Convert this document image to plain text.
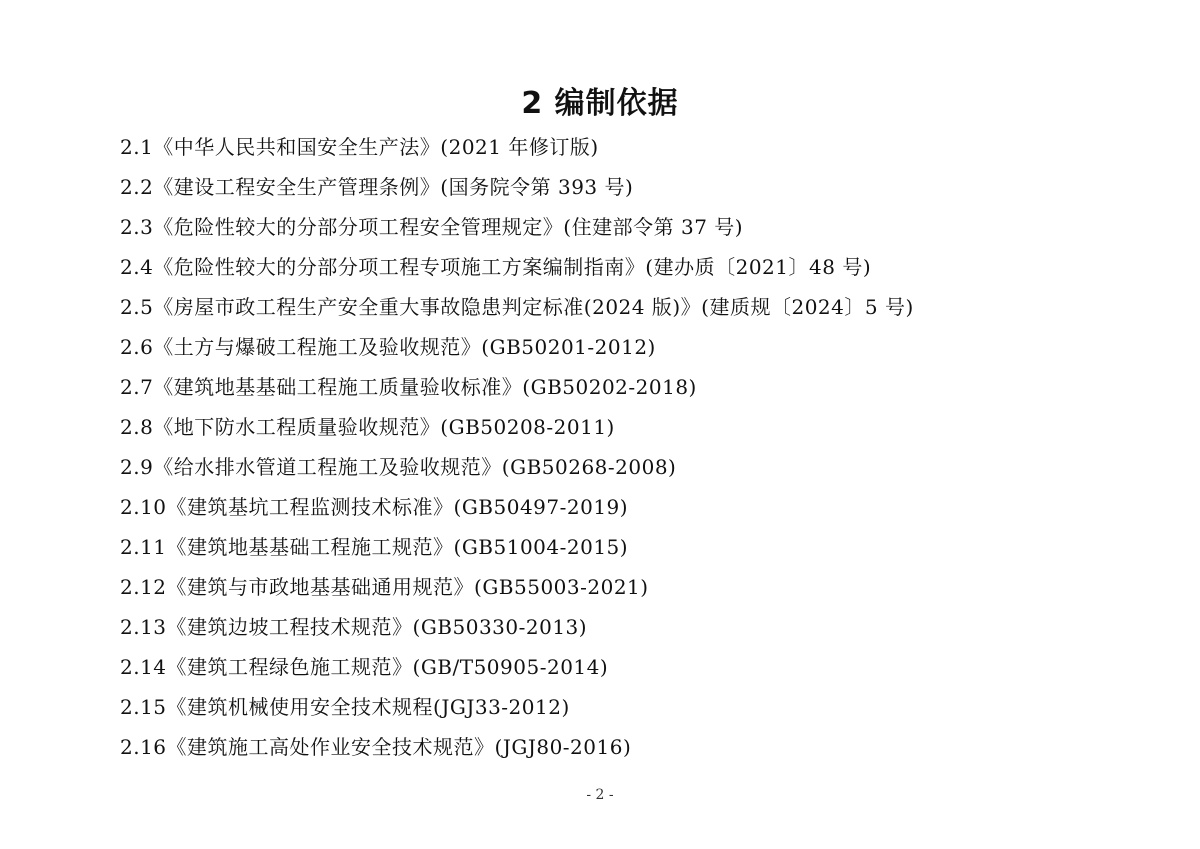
2 编制依据
2.1《中华人民共和国安全生产法》(2021 年修订版)
2.2《建设工程安全生产管理条例》(国务院令第 393 号)
2.3《危险性较大的分部分项工程安全管理规定》(住建部令第 37 号)
2.4《危险性较大的分部分项工程专项施工方案编制指南》(建办质〔2021〕48 号)
2.5《房屋市政工程生产安全重大事故隐患判定标准(2024 版)》(建质规〔2024〕5 号)
2.6《土方与爆破工程施工及验收规范》(GB50201-2012)
2.7《建筑地基基础工程施工质量验收标准》(GB50202-2018)
2.8《地下防水工程质量验收规范》(GB50208-2011)
2.9《给水排水管道工程施工及验收规范》(GB50268-2008)
2.10《建筑基坑工程监测技术标准》(GB50497-2019)
2.11《建筑地基基础工程施工规范》(GB51004-2015)
2.12《建筑与市政地基基础通用规范》(GB55003-2021)
2.13《建筑边坡工程技术规范》(GB50330-2013)
2.14《建筑工程绿色施工规范》(GB/T50905-2014)
2.15《建筑机械使用安全技术规程(JGJ33-2012)
2.16《建筑施工高处作业安全技术规范》(JGJ80-2016)
- 2 -
